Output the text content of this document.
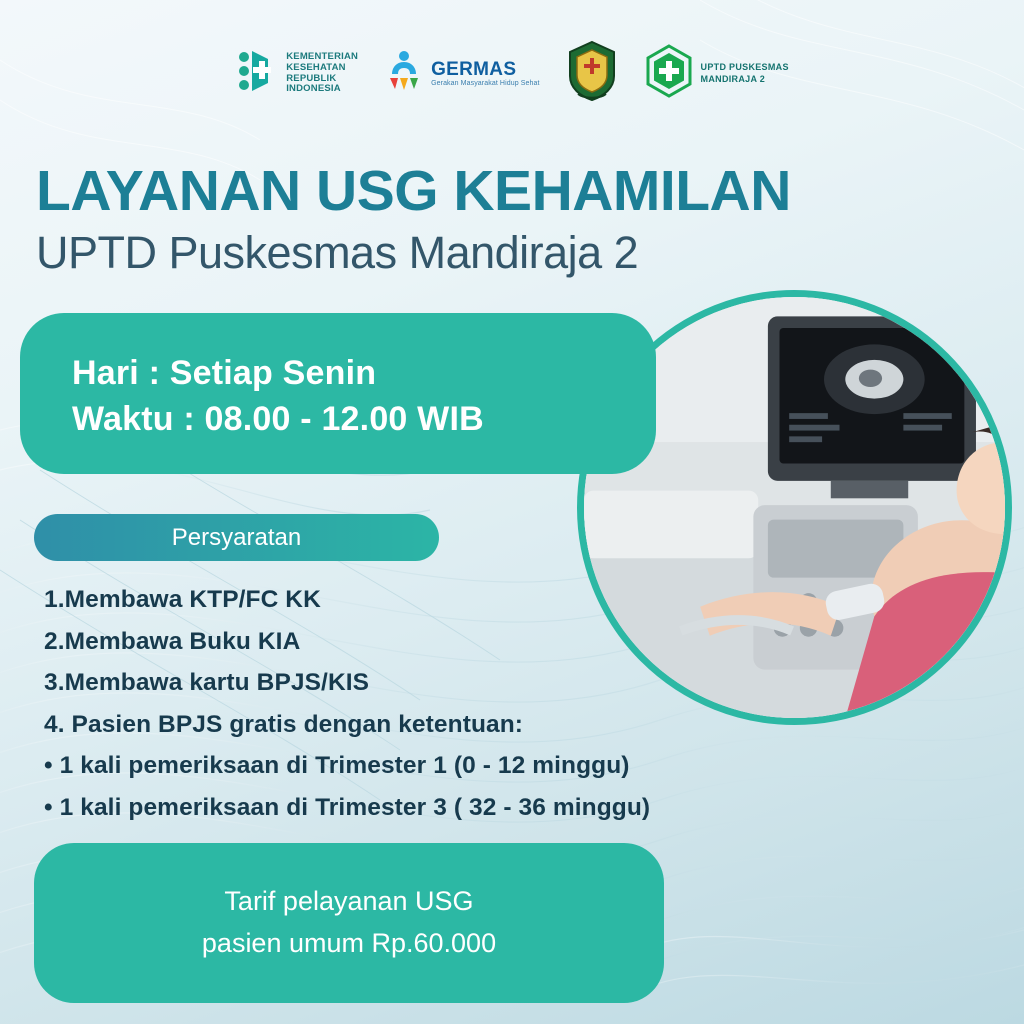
KEMENTERIAN
KESEHATAN
REPUBLIK
INDONESIA
GERMAS
Gerakan Masyarakat Hidup Sehat
UPTD PUSKESMAS
MANDIRAJA 2
LAYANAN USG KEHAMILAN
UPTD Puskesmas Mandiraja 2
Hari : Setiap Senin
Waktu : 08.00 - 12.00 WIB
Persyaratan
1.Membawa KTP/FC KK
2.Membawa Buku KIA
3.Membawa kartu BPJS/KIS
4. Pasien BPJS gratis dengan ketentuan:
• 1 kali pemeriksaan di Trimester 1 (0 - 12 minggu)
• 1 kali pemeriksaan di Trimester 3 ( 32 - 36 minggu)
Tarif pelayanan USG
pasien umum Rp.60.000
